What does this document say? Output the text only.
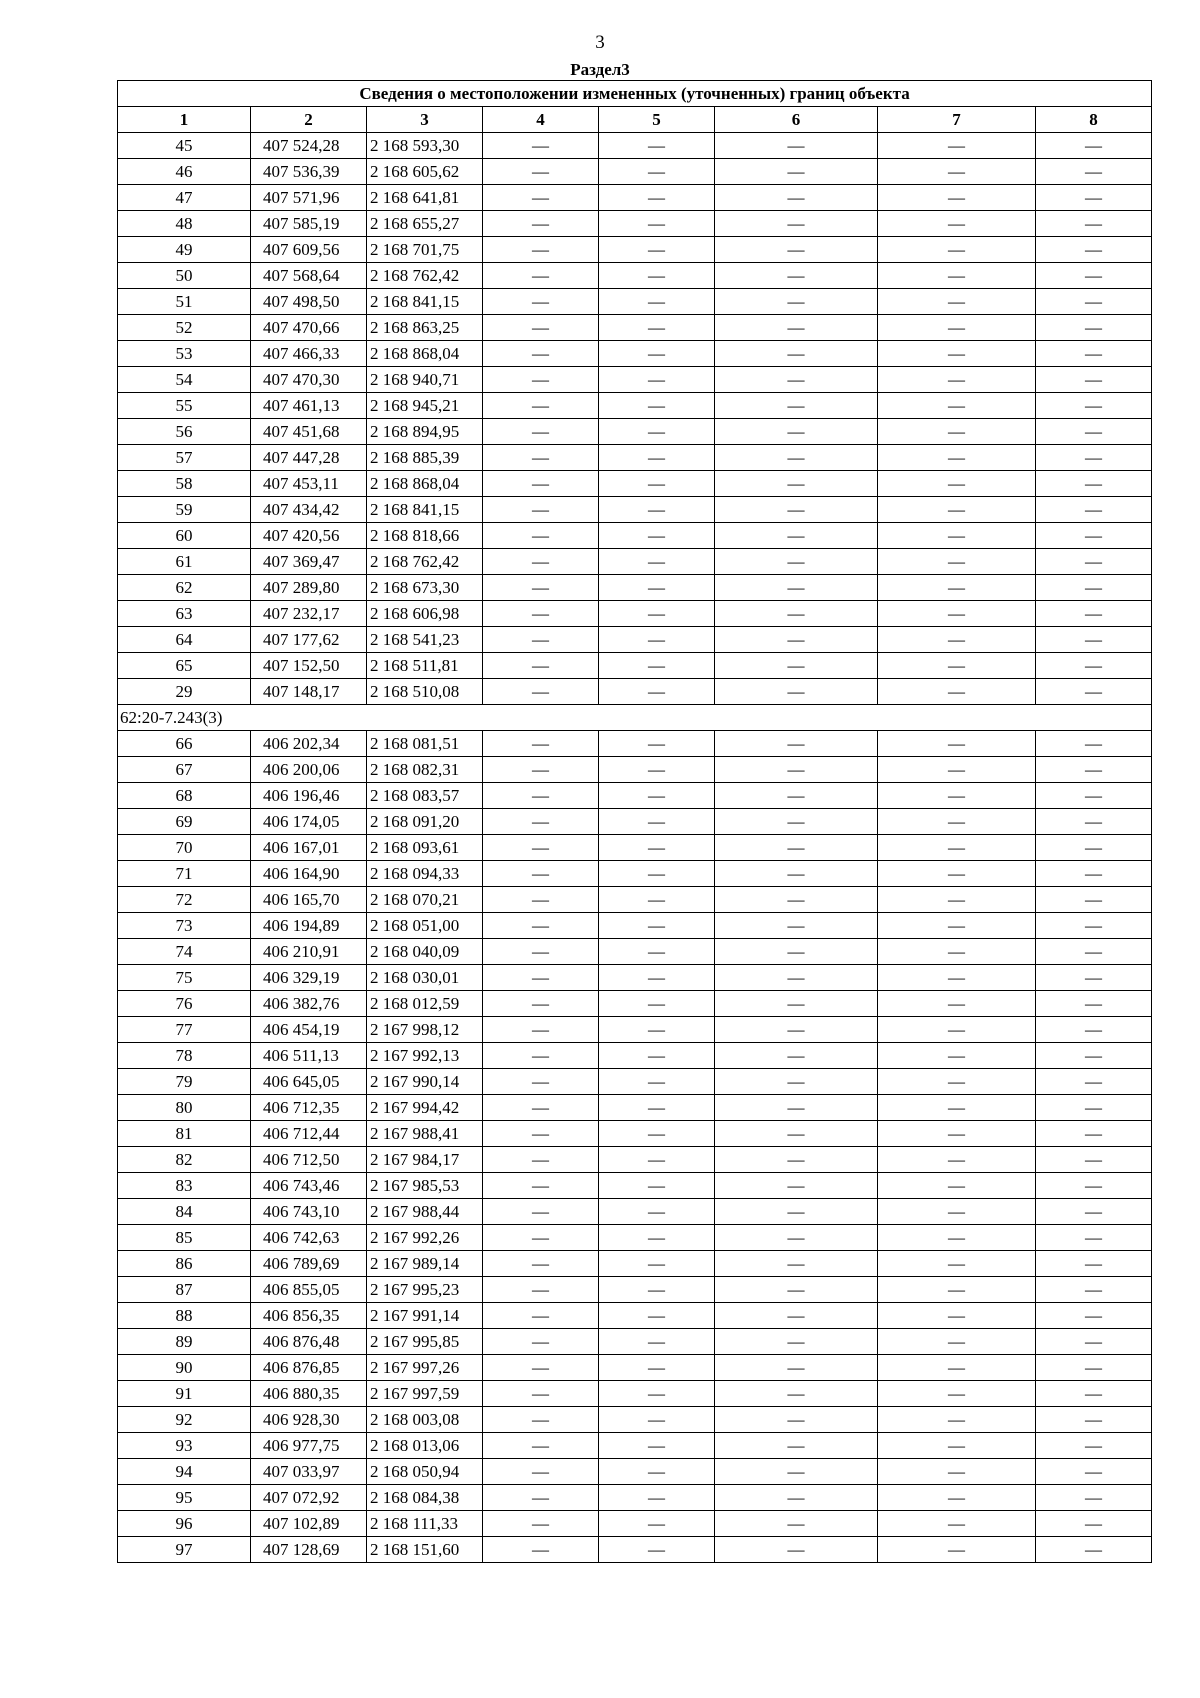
3
Раздел3
Сведения о местоположении измененных (уточненных) границ объекта							
1	2	3	4	5	6	7	8
45	407 524,28	2 168 593,30	—	—	—	—	—
46	407 536,39	2 168 605,62	—	—	—	—	—
47	407 571,96	2 168 641,81	—	—	—	—	—
48	407 585,19	2 168 655,27	—	—	—	—	—
49	407 609,56	2 168 701,75	—	—	—	—	—
50	407 568,64	2 168 762,42	—	—	—	—	—
51	407 498,50	2 168 841,15	—	—	—	—	—
52	407 470,66	2 168 863,25	—	—	—	—	—
53	407 466,33	2 168 868,04	—	—	—	—	—
54	407 470,30	2 168 940,71	—	—	—	—	—
55	407 461,13	2 168 945,21	—	—	—	—	—
56	407 451,68	2 168 894,95	—	—	—	—	—
57	407 447,28	2 168 885,39	—	—	—	—	—
58	407 453,11	2 168 868,04	—	—	—	—	—
59	407 434,42	2 168 841,15	—	—	—	—	—
60	407 420,56	2 168 818,66	—	—	—	—	—
61	407 369,47	2 168 762,42	—	—	—	—	—
62	407 289,80	2 168 673,30	—	—	—	—	—
63	407 232,17	2 168 606,98	—	—	—	—	—
64	407 177,62	2 168 541,23	—	—	—	—	—
65	407 152,50	2 168 511,81	—	—	—	—	—
29	407 148,17	2 168 510,08	—	—	—	—	—
62:20-7.243(3)							
66	406 202,34	2 168 081,51	—	—	—	—	—
67	406 200,06	2 168 082,31	—	—	—	—	—
68	406 196,46	2 168 083,57	—	—	—	—	—
69	406 174,05	2 168 091,20	—	—	—	—	—
70	406 167,01	2 168 093,61	—	—	—	—	—
71	406 164,90	2 168 094,33	—	—	—	—	—
72	406 165,70	2 168 070,21	—	—	—	—	—
73	406 194,89	2 168 051,00	—	—	—	—	—
74	406 210,91	2 168 040,09	—	—	—	—	—
75	406 329,19	2 168 030,01	—	—	—	—	—
76	406 382,76	2 168 012,59	—	—	—	—	—
77	406 454,19	2 167 998,12	—	—	—	—	—
78	406 511,13	2 167 992,13	—	—	—	—	—
79	406 645,05	2 167 990,14	—	—	—	—	—
80	406 712,35	2 167 994,42	—	—	—	—	—
81	406 712,44	2 167 988,41	—	—	—	—	—
82	406 712,50	2 167 984,17	—	—	—	—	—
83	406 743,46	2 167 985,53	—	—	—	—	—
84	406 743,10	2 167 988,44	—	—	—	—	—
85	406 742,63	2 167 992,26	—	—	—	—	—
86	406 789,69	2 167 989,14	—	—	—	—	—
87	406 855,05	2 167 995,23	—	—	—	—	—
88	406 856,35	2 167 991,14	—	—	—	—	—
89	406 876,48	2 167 995,85	—	—	—	—	—
90	406 876,85	2 167 997,26	—	—	—	—	—
91	406 880,35	2 167 997,59	—	—	—	—	—
92	406 928,30	2 168 003,08	—	—	—	—	—
93	406 977,75	2 168 013,06	—	—	—	—	—
94	407 033,97	2 168 050,94	—	—	—	—	—
95	407 072,92	2 168 084,38	—	—	—	—	—
96	407 102,89	2 168 111,33	—	—	—	—	—
97	407 128,69	2 168 151,60	—	—	—	—	—
